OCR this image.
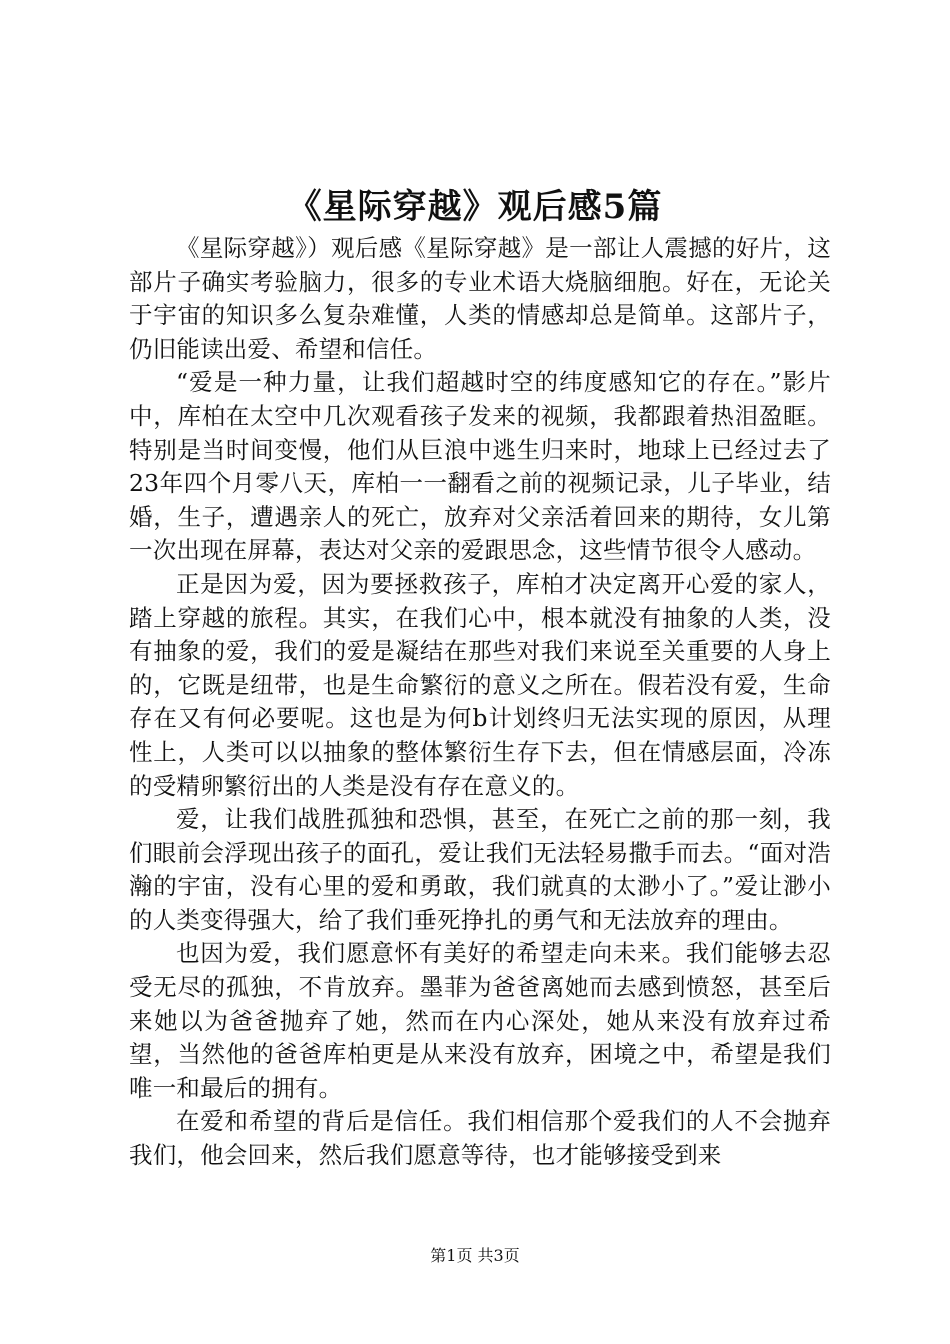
《星际穿越》观后感5篇

《星际穿越》）观后感《星际穿越》是一部让人震撼的好片，这部片子确实考验脑力，很多的专业术语大烧脑细胞。好在，无论关于宇宙的知识多么复杂难懂，人类的情感却总是简单。这部片子，仍旧能读出爱、希望和信任。

“爱是一种力量，让我们超越时空的纬度感知它的存在。”影片中，库柏在太空中几次观看孩子发来的视频，我都跟着热泪盈眶。特别是当时间变慢，他们从巨浪中逃生归来时，地球上已经过去了23年四个月零八天，库柏一一翻看之前的视频记录，儿子毕业，结婚，生子，遭遇亲人的死亡，放弃对父亲活着回来的期待，女儿第一次出现在屏幕，表达对父亲的爱跟思念，这些情节很令人感动。

正是因为爱，因为要拯救孩子，库柏才决定离开心爱的家人，踏上穿越的旅程。其实，在我们心中，根本就没有抽象的人类，没有抽象的爱，我们的爱是凝结在那些对我们来说至关重要的人身上的，它既是纽带，也是生命繁衍的意义之所在。假若没有爱，生命存在又有何必要呢。这也是为何b计划终归无法实现的原因，从理性上，人类可以以抽象的整体繁衍生存下去，但在情感层面，冷冻的受精卵繁衍出的人类是没有存在意义的。

爱，让我们战胜孤独和恐惧，甚至，在死亡之前的那一刻，我们眼前会浮现出孩子的面孔，爱让我们无法轻易撒手而去。“面对浩瀚的宇宙，没有心里的爱和勇敢，我们就真的太渺小了。”爱让渺小的人类变得强大，给了我们垂死挣扎的勇气和无法放弃的理由。

也因为爱，我们愿意怀有美好的希望走向未来。我们能够去忍受无尽的孤独，不肯放弃。墨菲为爸爸离她而去感到愤怒，甚至后来她以为爸爸抛弃了她，然而在内心深处，她从来没有放弃过希望，当然他的爸爸库柏更是从来没有放弃，困境之中，希望是我们唯一和最后的拥有。

在爱和希望的背后是信任。我们相信那个爱我们的人不会抛弃我们，他会回来，然后我们愿意等待，也才能够接受到来

第1页 共3页
